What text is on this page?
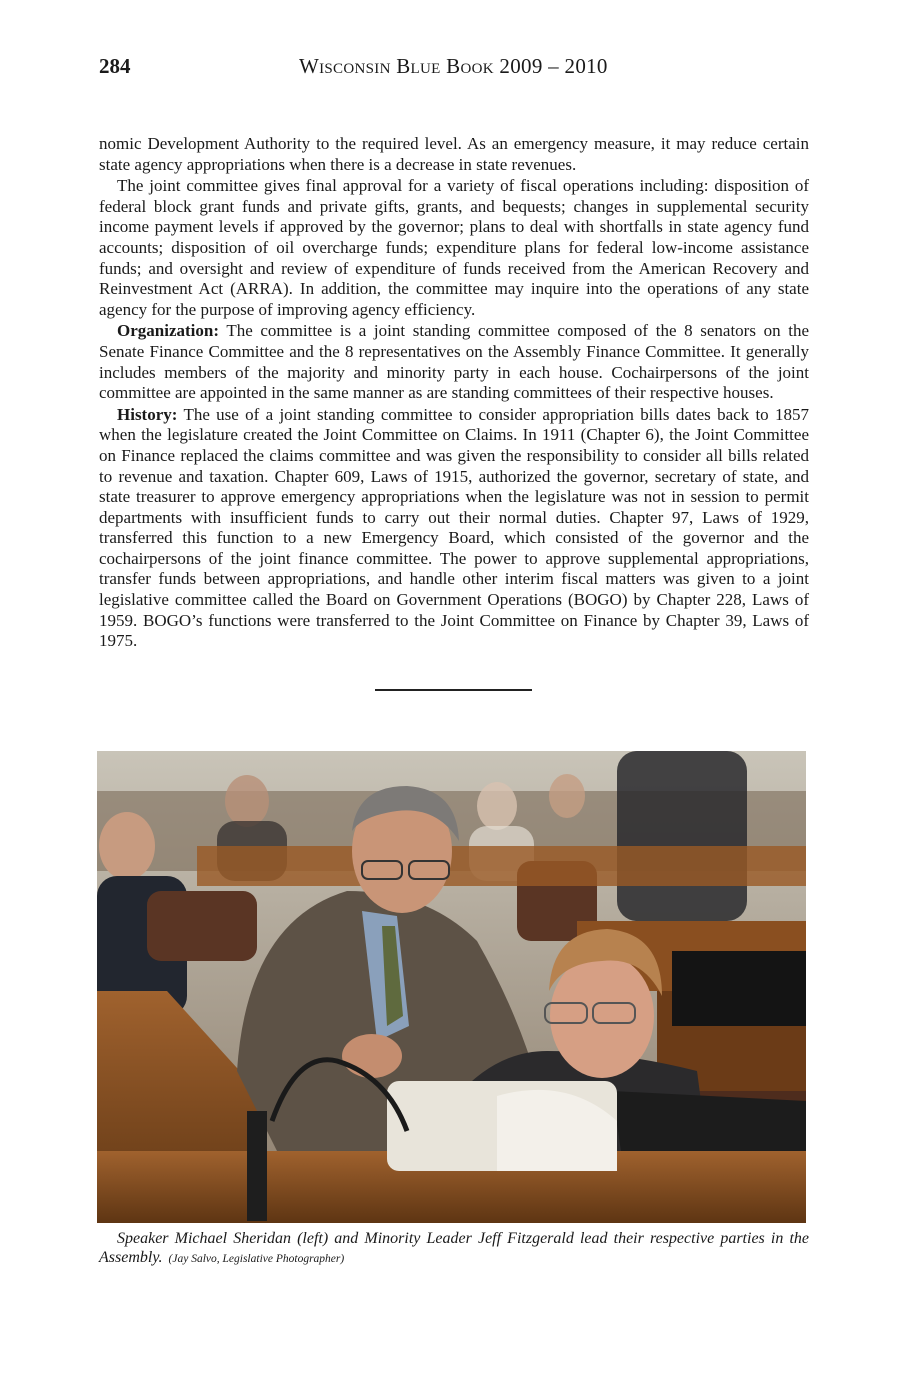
284	Wisconsin Blue Book 2009 – 2010

nomic Development Authority to the required level. As an emergency measure, it may reduce certain state agency appropriations when there is a decrease in state revenues.

The joint committee gives final approval for a variety of fiscal operations including: disposition of federal block grant funds and private gifts, grants, and bequests; changes in supplemental security income payment levels if approved by the governor; plans to deal with shortfalls in state agency fund accounts; disposition of oil overcharge funds; expenditure plans for federal low-income assistance funds; and oversight and review of expenditure of funds received from the American Recovery and Reinvestment Act (ARRA). In addition, the committee may inquire into the operations of any state agency for the purpose of improving agency efficiency.

Organization: The committee is a joint standing committee composed of the 8 senators on the Senate Finance Committee and the 8 representatives on the Assembly Finance Committee. It generally includes members of the majority and minority party in each house. Cochairpersons of the joint committee are appointed in the same manner as are standing committees of their respective houses.

History: The use of a joint standing committee to consider appropriation bills dates back to 1857 when the legislature created the Joint Committee on Claims. In 1911 (Chapter 6), the Joint Committee on Finance replaced the claims committee and was given the responsibility to consider all bills related to revenue and taxation. Chapter 609, Laws of 1915, authorized the governor, secretary of state, and state treasurer to approve emergency appropriations when the legislature was not in session to permit departments with insufficient funds to carry out their normal duties. Chapter 97, Laws of 1929, transferred this function to a new Emergency Board, which consisted of the governor and the cochairpersons of the joint finance committee. The power to approve supplemental appropriations, transfer funds between appropriations, and handle other interim fiscal matters was given to a joint legislative committee called the Board on Government Operations (BOGO) by Chapter 228, Laws of 1959. BOGO’s functions were transferred to the Joint Committee on Finance by Chapter 39, Laws of 1975.

Speaker Michael Sheridan (left) and Minority Leader Jeff Fitzgerald lead their respective parties in the Assembly. (Jay Salvo, Legislative Photographer)
